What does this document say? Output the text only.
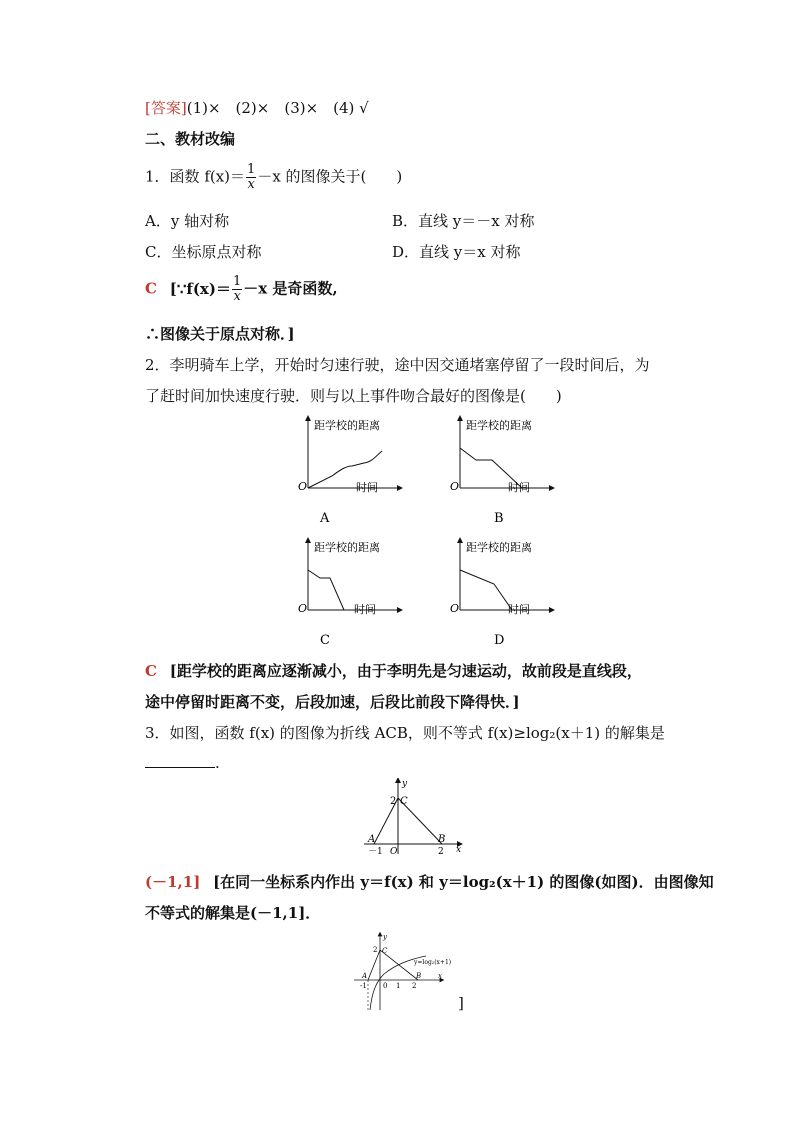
[答案](1)×　(2)×　(3)×　(4) √
二、教材改编
1．函数 $f(x)= \frac{1}{x} -x$ 的图像关于(　　)
A．y 轴对称	B．直线 y＝－x 对称
C．坐标原点对称	D．直线 y＝x 对称
C [∵f(x)＝ $\frac{1}{x} -x$ 是奇函数,
∴图像关于原点对称．]
2．李明骑车上学，开始时匀速行驶，途中因交通堵塞停留了一段时间后，为
了赶时间加快速度行驶．则与以上事件吻合最好的图像是(　　)
距学校的距离
O	时间
A
距学校的距离
O	时间
B
距学校的距离
O	时间
C
距学校的距离
O	时间
D
C [距学校的距离应逐渐减小，由于李明先是匀速运动，故前段是直线段，
途中停留时距离不变，后段加速，后段比前段下降得快．]
3．如图，函数 f(x) 的图像为折线 ACB，则不等式 f(x)≥log₂(x＋1) 的解集是
.
y
x
2 C
A	B
－1 O	2
(－1,1] [在同一坐标系内作出 y＝f(x) 和 y＝log₂(x＋1) 的图像(如图)．由图像知
不等式的解集是(－1,1]．
y
x
2 C
A	B
-1 0 1 2
y=log₂(x+1)
]
